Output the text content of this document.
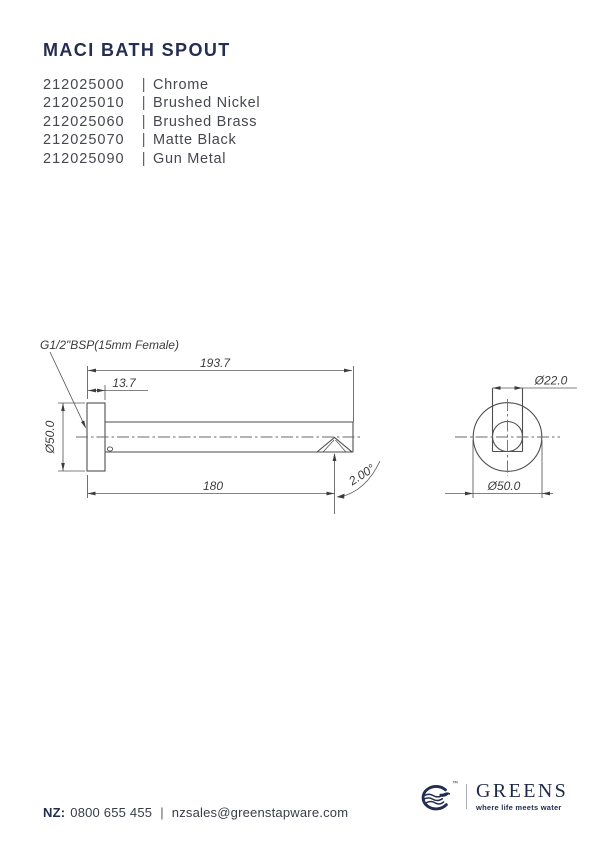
MACI BATH SPOUT
212025000	| Chrome
212025010	| Brushed Nickel
212025060	| Brushed Brass
212025070	| Matte Black
212025090	| Gun Metal
G1/2"BSP(15mm Female)
193.7
13.7
Ø50.0
180	2.00°
Ø22.0
Ø50.0
NZ: 0800 655 455 | nzsales@greenstapware.com
™ GREENS
where life meets water
